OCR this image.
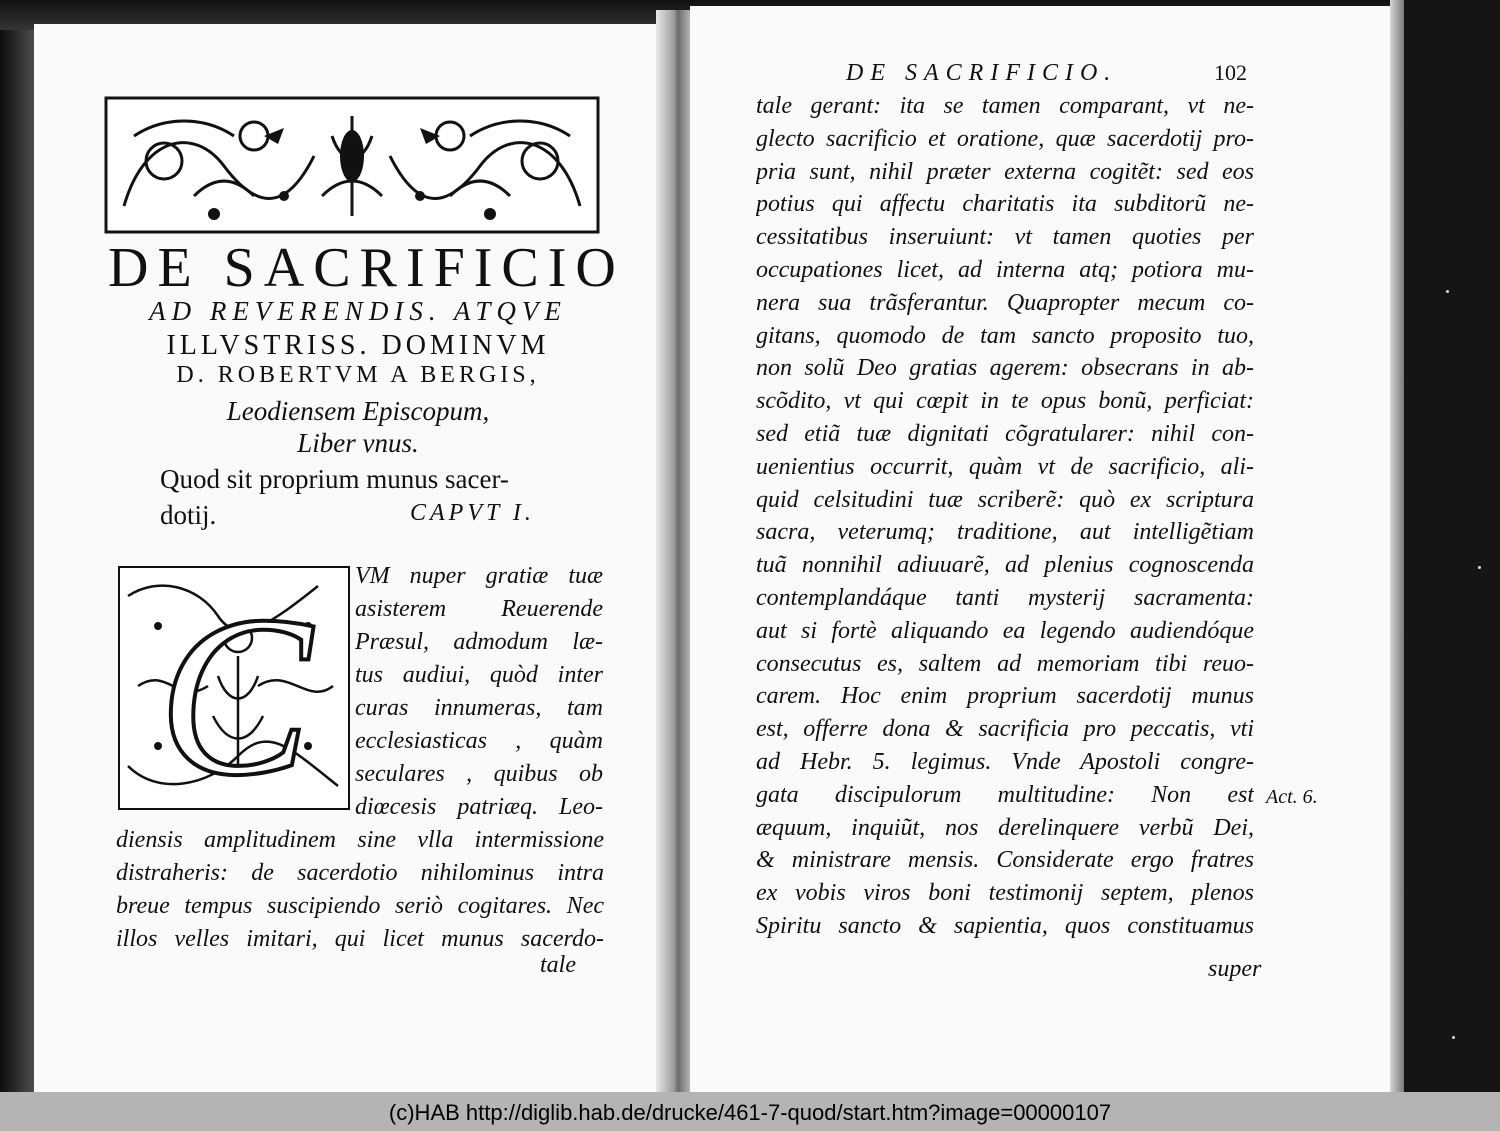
DE SACRIFICIO
AD REVERENDIS. ATQVE
ILLVSTRISS. DOMINVM
D. ROBERTVM A BERGIS,
Leodiensem Episcopum,
Liber vnus.
Quod sit proprium munus sacer-
dotij.	CAPVT I.
C VM nuper gratiæ tuæ
asisterem Reuerende
Præsul, admodum læ-
tus audiui, quòd inter
curas innumeras, tam
ecclesiasticas , quàm
seculares , quibus ob
diœcesis patriæq. Leo-
diensis amplitudinem sine vlla intermissione
distraheris: de sacerdotio nihilominus intra
breue tempus suscipiendo seriò cogitares. Nec
illos velles imitari, qui licet munus sacerdo-
tale
DE SACRIFICIO.	102
tale gerant: ita se tamen comparant, vt ne-
glecto sacrificio et oratione, quæ sacerdotij pro-
pria sunt, nihil præter externa cogitẽt: sed eos
potius qui affectu charitatis ita subditorũ ne-
cessitatibus inseruiunt: vt tamen quoties per
occupationes licet, ad interna atq; potiora mu-
nera sua trãsferantur. Quapropter mecum co-
gitans, quomodo de tam sancto proposito tuo,
non solũ Deo gratias agerem: obsecrans in ab-
scõdito, vt qui cœpit in te opus bonũ, perficiat:
sed etiã tuæ dignitati cõgratularer: nihil con-
uenientius occurrit, quàm vt de sacrificio, ali-
quid celsitudini tuæ scriberẽ: quò ex scriptura
sacra, veterumq; traditione, aut intelligẽtiam
tuã nonnihil adiuuarẽ, ad plenius cognoscenda
contemplandáque tanti mysterij sacramenta:
aut si fortè aliquando ea legendo audiendóque
consecutus es, saltem ad memoriam tibi reuo-
carem. Hoc enim proprium sacerdotij munus
est, offerre dona & sacrificia pro peccatis, vti
ad Hebr. 5. legimus. Vnde Apostoli congre-
gata discipulorum multitudine: Non est
æquum, inquiũt, nos derelinquere verbũ Dei,
& ministrare mensis. Considerate ergo fratres
ex vobis viros boni testimonij septem, plenos
Spiritu sancto & sapientia, quos constituamus
Act. 6.
super
(c)HAB http://diglib.hab.de/drucke/461-7-quod/start.htm?image=00000107
